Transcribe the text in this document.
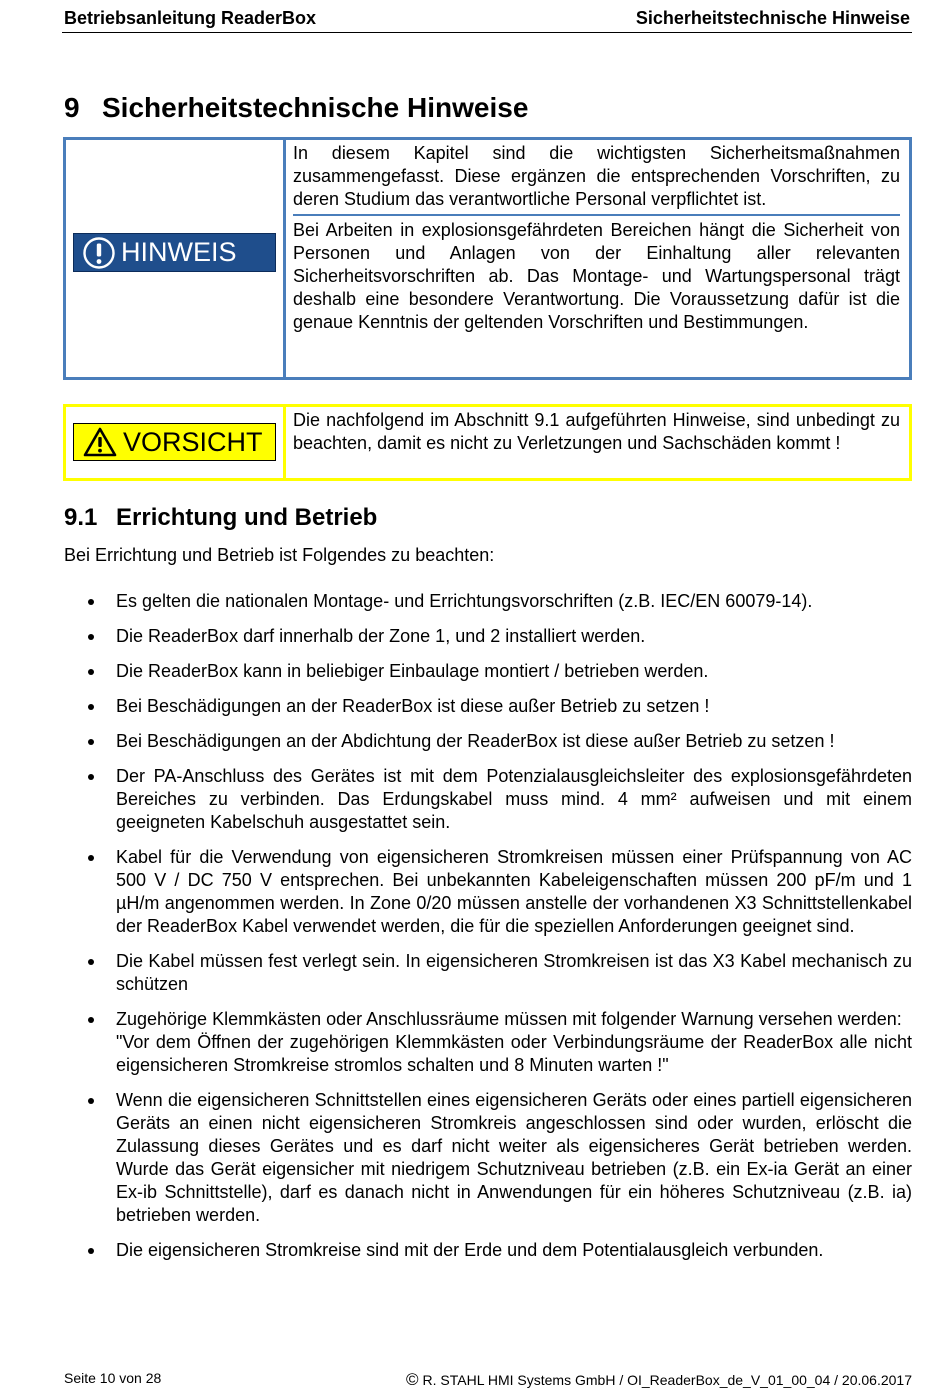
Betriebsanleitung ReaderBox	Sicherheitstechnische Hinweise
9 Sicherheitstechnische Hinweise
HINWEIS

In diesem Kapitel sind die wichtigsten Sicherheitsmaßnahmen zusammengefasst. Diese ergänzen die entsprechenden Vorschriften, zu deren Studium das verantwortliche Personal verpflichtet ist.

Bei Arbeiten in explosionsgefährdeten Bereichen hängt die Sicherheit von Personen und Anlagen von der Einhaltung aller relevanten Sicherheitsvorschriften ab. Das Montage- und Wartungspersonal trägt deshalb eine besondere Verantwortung. Die Voraussetzung dafür ist die genaue Kenntnis der geltenden Vorschriften und Bestimmungen.

VORSICHT

Die nachfolgend im Abschnitt 9.1 aufgeführten Hinweise, sind unbedingt zu beachten, damit es nicht zu Verletzungen und Sachschäden kommt !

9.1 Errichtung und Betrieb
Bei Errichtung und Betrieb ist Folgendes zu beachten:
Es gelten die nationalen Montage- und Errichtungsvorschriften (z.B. IEC/EN 60079-14).
Die ReaderBox darf innerhalb der Zone 1, und 2 installiert werden.
Die ReaderBox kann in beliebiger Einbaulage montiert / betrieben werden.
Bei Beschädigungen an der ReaderBox ist diese außer Betrieb zu setzen !
Bei Beschädigungen an der Abdichtung der ReaderBox ist diese außer Betrieb zu setzen !
Der PA-Anschluss des Gerätes ist mit dem Potenzialausgleichsleiter des explosionsgefährdeten Bereiches zu verbinden. Das Erdungskabel muss mind. 4 mm² aufweisen und mit einem geeigneten Kabelschuh ausgestattet sein.
Kabel für die Verwendung von eigensicheren Stromkreisen müssen einer Prüfspannung von AC 500 V / DC 750 V entsprechen. Bei unbekannten Kabeleigenschaften müssen 200 pF/m und 1 µH/m angenommen werden. In Zone 0/20 müssen anstelle der vorhandenen X3 Schnittstellenkabel der ReaderBox Kabel verwendet werden, die für die speziellen Anforderungen geeignet sind.
Die Kabel müssen fest verlegt sein. In eigensicheren Stromkreisen ist das X3 Kabel mechanisch zu schützen
Zugehörige Klemmkästen oder Anschlussräume müssen mit folgender Warnung versehen werden:
"Vor dem Öffnen der zugehörigen Klemmkästen oder Verbindungsräume der ReaderBox alle nicht eigensicheren Stromkreise stromlos schalten und 8 Minuten warten !"
Wenn die eigensicheren Schnittstellen eines eigensicheren Geräts oder eines partiell eigensicheren Geräts an einen nicht eigensicheren Stromkreis angeschlossen sind oder wurden, erlöscht die Zulassung dieses Gerätes und es darf nicht weiter als eigensicheres Gerät betrieben werden. Wurde das Gerät eigensicher mit niedrigem Schutzniveau betrieben (z.B. ein Ex-ia Gerät an einer Ex-ib Schnittstelle), darf es danach nicht in Anwendungen für ein höheres Schutzniveau (z.B. ia) betrieben werden.
Die eigensicheren Stromkreise sind mit der Erde und dem Potentialausgleich verbunden.
Seite 10 von 28	© R. STAHL HMI Systems GmbH / OI_ReaderBox_de_V_01_00_04 / 20.06.2017
